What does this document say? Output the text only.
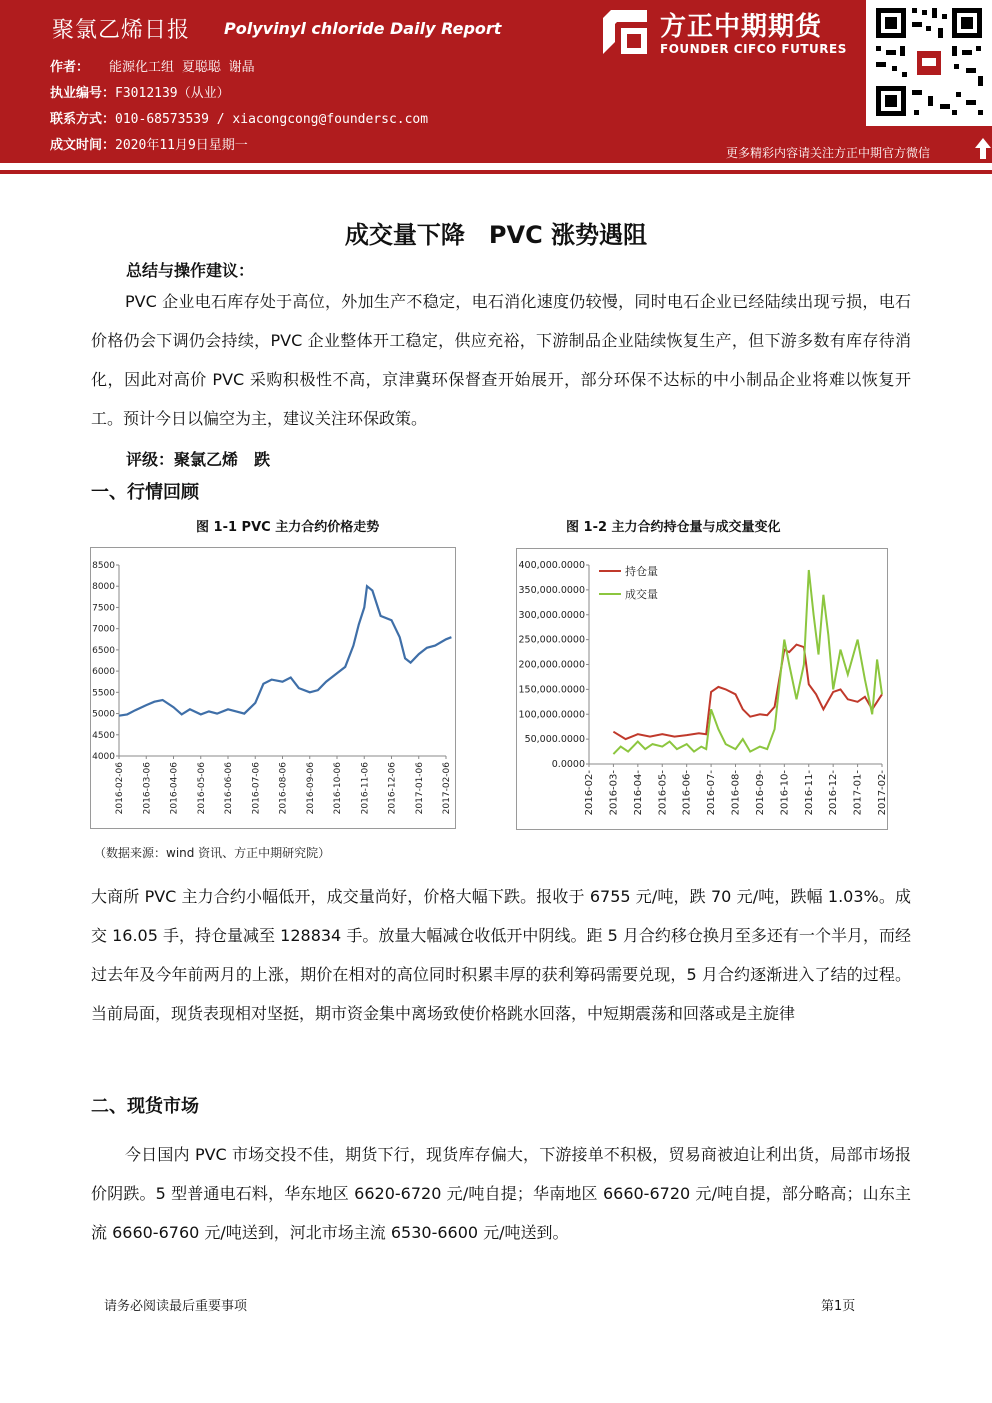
聚氯乙烯日报 Polyvinyl chloride Daily Report
作者： 能源化工组 夏聪聪 谢晶
执业编号：F3012139（从业）
联系方式：010-68573539 / xiacongcong@foundersc.com
成文时间：2020年11月9日星期一
方正中期期货
FOUNDER CIFCO FUTURES
更多精彩内容请关注方正中期官方微信
成交量下降　PVC 涨势遇阻
总结与操作建议：
PVC 企业电石库存处于高位，外加生产不稳定，电石消化速度仍较慢，同时电石企业已经陆续出现亏损，电石价格仍会下调仍会持续，PVC 企业整体开工稳定，供应充裕，下游制品企业陆续恢复生产，但下游多数有库存待消化，因此对高价 PVC 采购积极性不高，京津冀环保督查开始展开，部分环保不达标的中小制品企业将难以恢复开工。预计今日以偏空为主，建议关注环保政策。
评级：聚氯乙烯　跌
一、行情回顾
图 1-1 PVC 主力合约价格走势	图 1-2 主力合约持仓量与成交量变化
8500
8000
7500
7000
6500
6000
5500
5000
4500
4000
2016-02-06 2016-03-06 2016-04-06 2016-05-06 2016-06-06 2016-07-06 2016-08-06 2016-09-06 2016-10-06 2016-11-06 2016-12-06 2017-01-06 2017-02-06
400,000.0000
350,000.0000
300,000.0000
250,000.0000
200,000.0000
150,000.0000
100,000.0000
50,000.0000
0.0000
2016-02- 2016-03- 2016-04- 2016-05- 2016-06- 2016-07- 2016-08- 2016-09- 2016-10- 2016-11- 2016-12- 2017-01- 2017-02-
持仓量
成交量
（数据来源：wind 资讯、方正中期研究院）
大商所 PVC 主力合约小幅低开，成交量尚好，价格大幅下跌。报收于 6755 元/吨，跌 70 元/吨，跌幅 1.03%。成交 16.05 手，持仓量减至 128834 手。放量大幅减仓收低开中阴线。距 5 月合约移仓换月至多还有一个半月，而经过去年及今年前两月的上涨，期价在相对的高位同时积累丰厚的获利筹码需要兑现，5 月合约逐渐进入了结的过程。当前局面，现货表现相对坚挺，期市资金集中离场致使价格跳水回落，中短期震荡和回落或是主旋律
二、现货市场
今日国内 PVC 市场交投不佳，期货下行，现货库存偏大，下游接单不积极，贸易商被迫让利出货，局部市场报价阴跌。5 型普通电石料，华东地区 6620-6720 元/吨自提；华南地区 6660-6720 元/吨自提，部分略高；山东主流 6660-6760 元/吨送到，河北市场主流 6530-6600 元/吨送到。
请务必阅读最后重要事项	第1页
